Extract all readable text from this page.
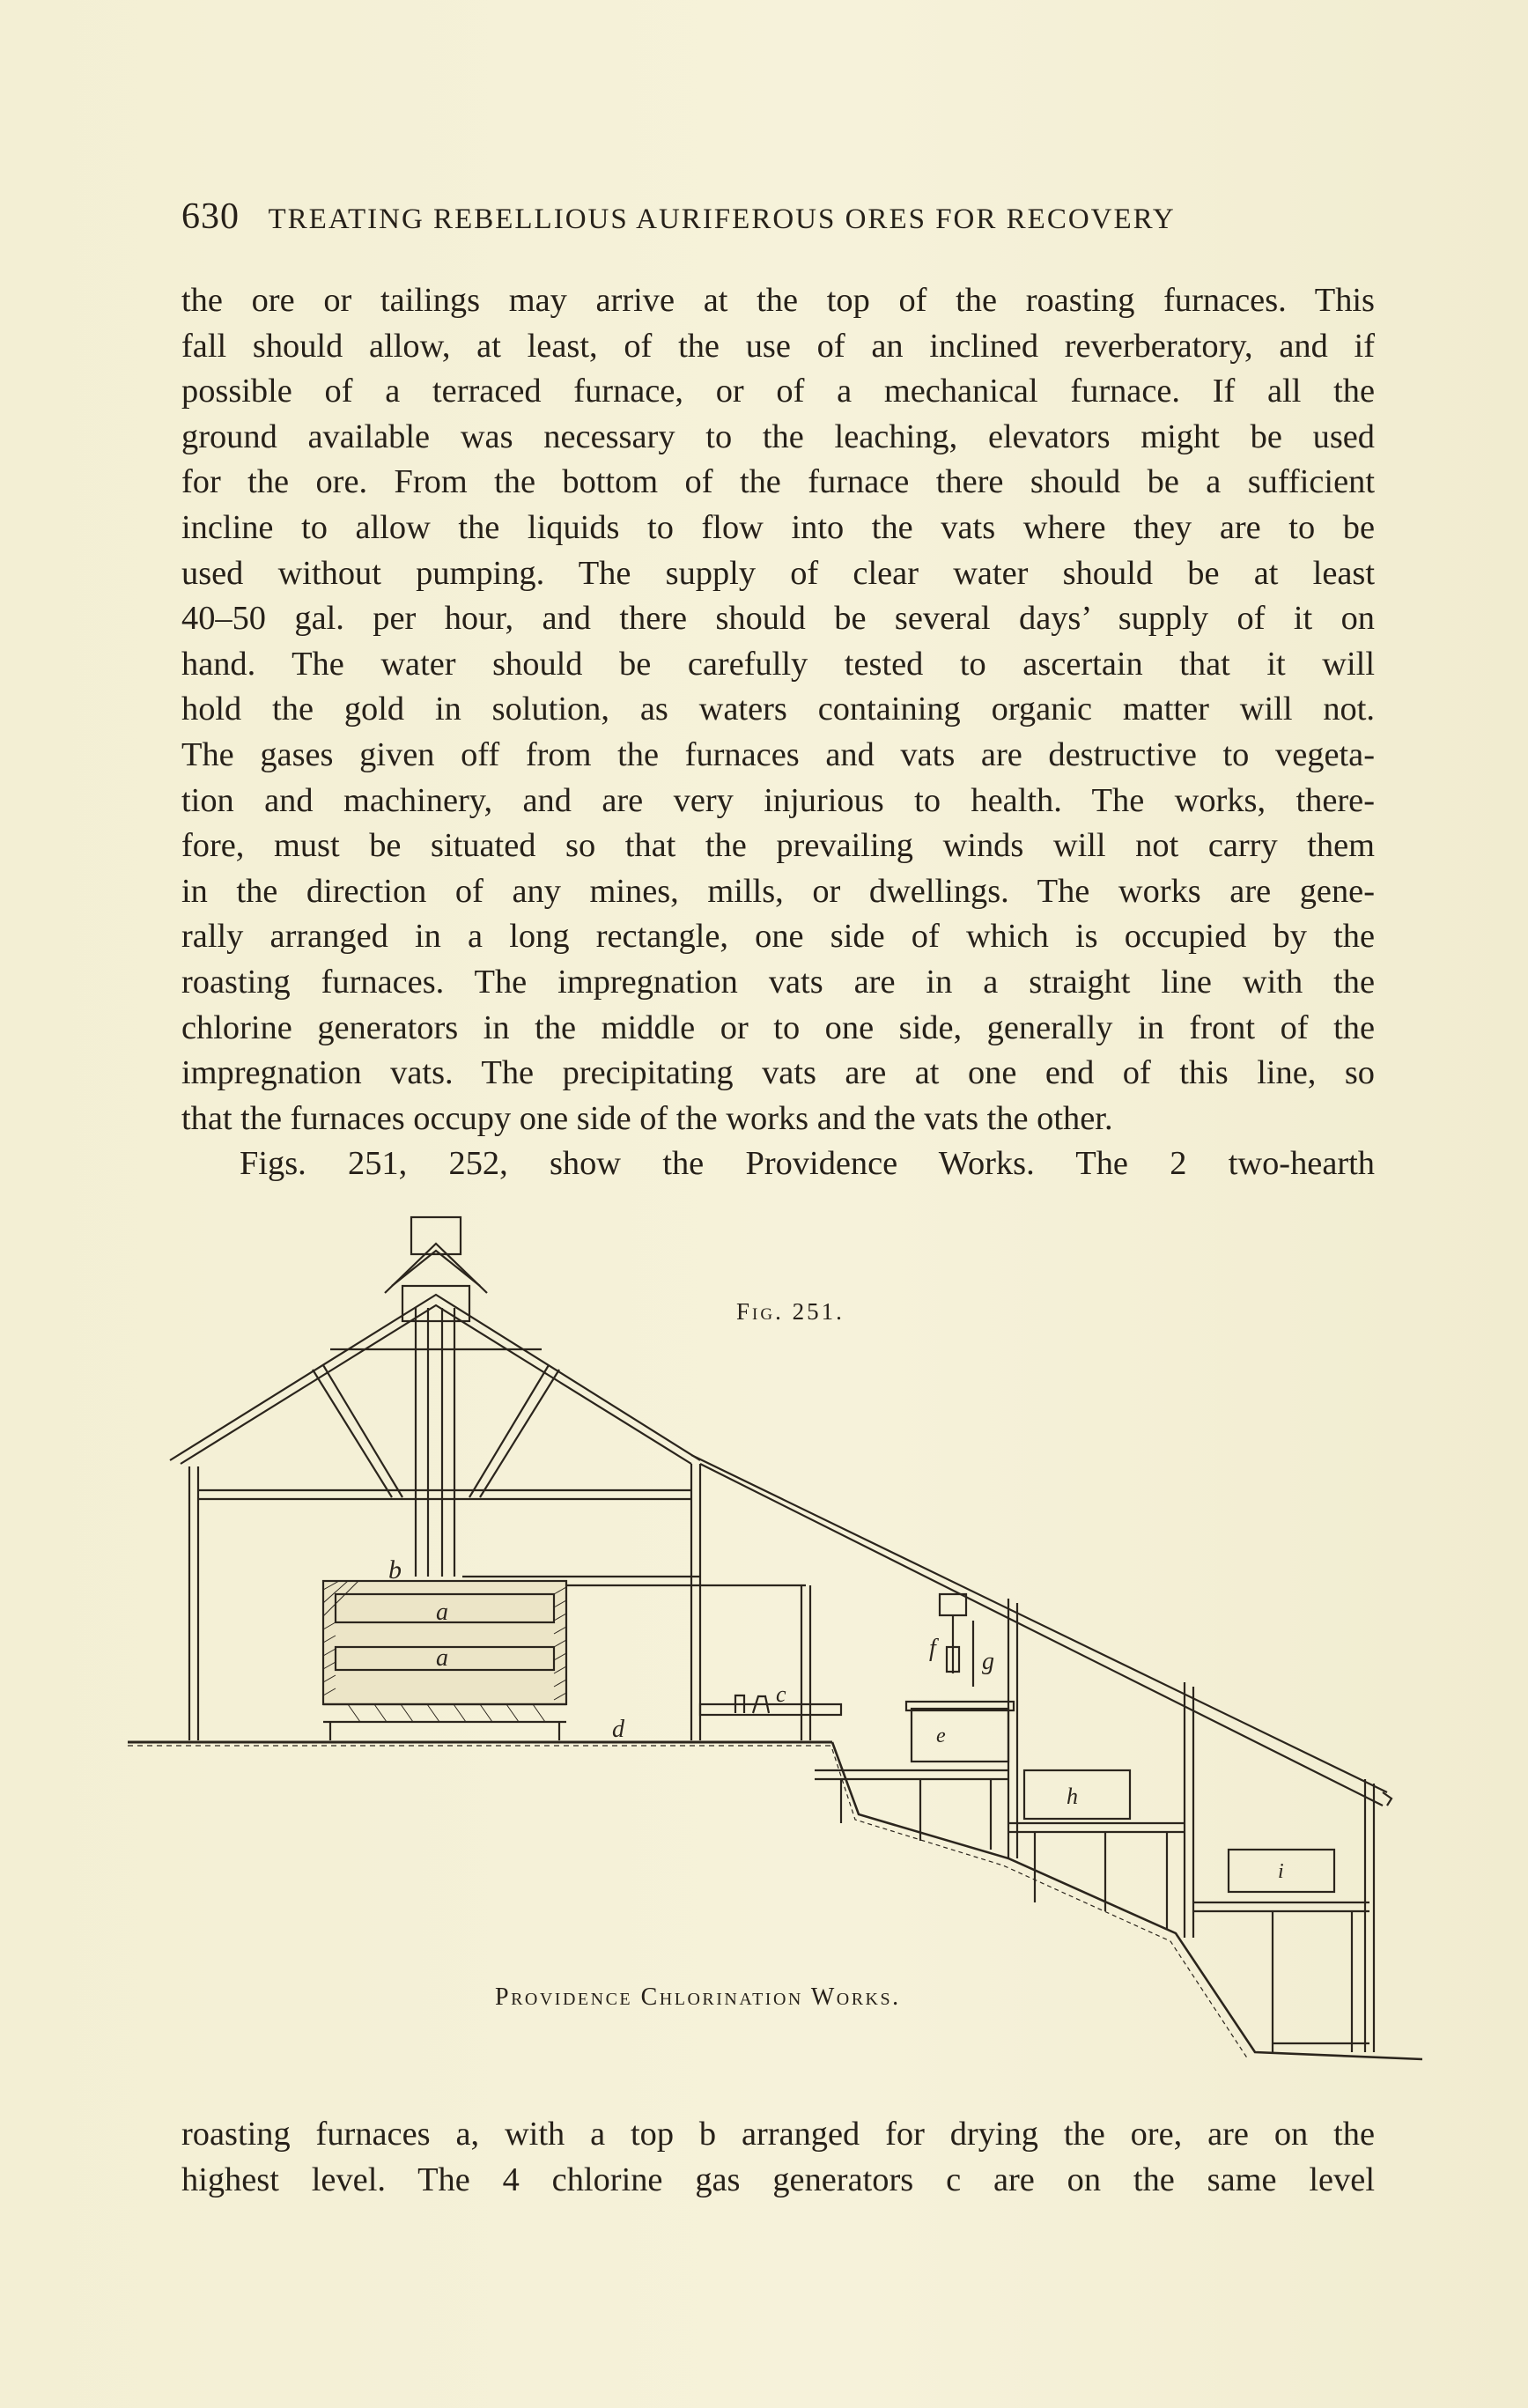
630 TREATING REBELLIOUS AURIFEROUS ORES FOR RECOVERY

the ore or tailings may arrive at the top of the roasting furnaces. This

fall should allow, at least, of the use of an inclined reverberatory, and if

possible of a terraced furnace, or of a mechanical furnace. If all the

ground available was necessary to the leaching, elevators might be used

for the ore. From the bottom of the furnace there should be a sufficient

incline to allow the liquids to flow into the vats where they are to be

used without pumping. The supply of clear water should be at least

40–50 gal. per hour, and there should be several days’ supply of it on

hand. The water should be carefully tested to ascertain that it will

hold the gold in solution, as waters containing organic matter will not.

The gases given off from the furnaces and vats are destructive to vegeta-

tion and machinery, and are very injurious to health. The works, there-

fore, must be situated so that the prevailing winds will not carry them

in the direction of any mines, mills, or dwellings. The works are gene-

rally arranged in a long rectangle, one side of which is occupied by the

roasting furnaces. The impregnation vats are in a straight line with the

chlorine generators in the middle or to one side, generally in front of the

impregnation vats. The precipitating vats are at one end of this line, so

that the furnaces occupy one side of the works and the vats the other.

Figs. 251, 252, show the Providence Works. The 2 two-hearth

b
a
a
c
d	e
f g
h
i
Fig. 251.
Providence Chlorination Works.

roasting furnaces a, with a top b arranged for drying the ore, are on the

highest level. The 4 chlorine gas generators c are on the same level
